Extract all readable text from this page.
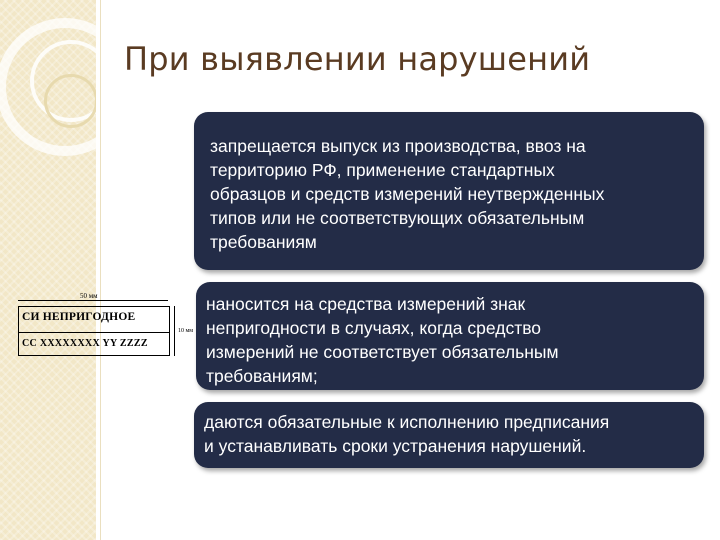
При выявлении нарушений

запрещается выпуск из производства, ввоз на
территорию РФ, применение стандартных
образцов и средств измерений неутвержденных
типов или не соответствующих обязательным
требованиям

50 мм
СИ НЕПРИГОДНОЕ
СС XXXXXXXX YY ZZZZ
10 мм

наносится на средства измерений знак
непригодности в случаях, когда средство
измерений не соответствует обязательным
требованиям;

даются обязательные к исполнению предписания
и устанавливать сроки устранения нарушений.
